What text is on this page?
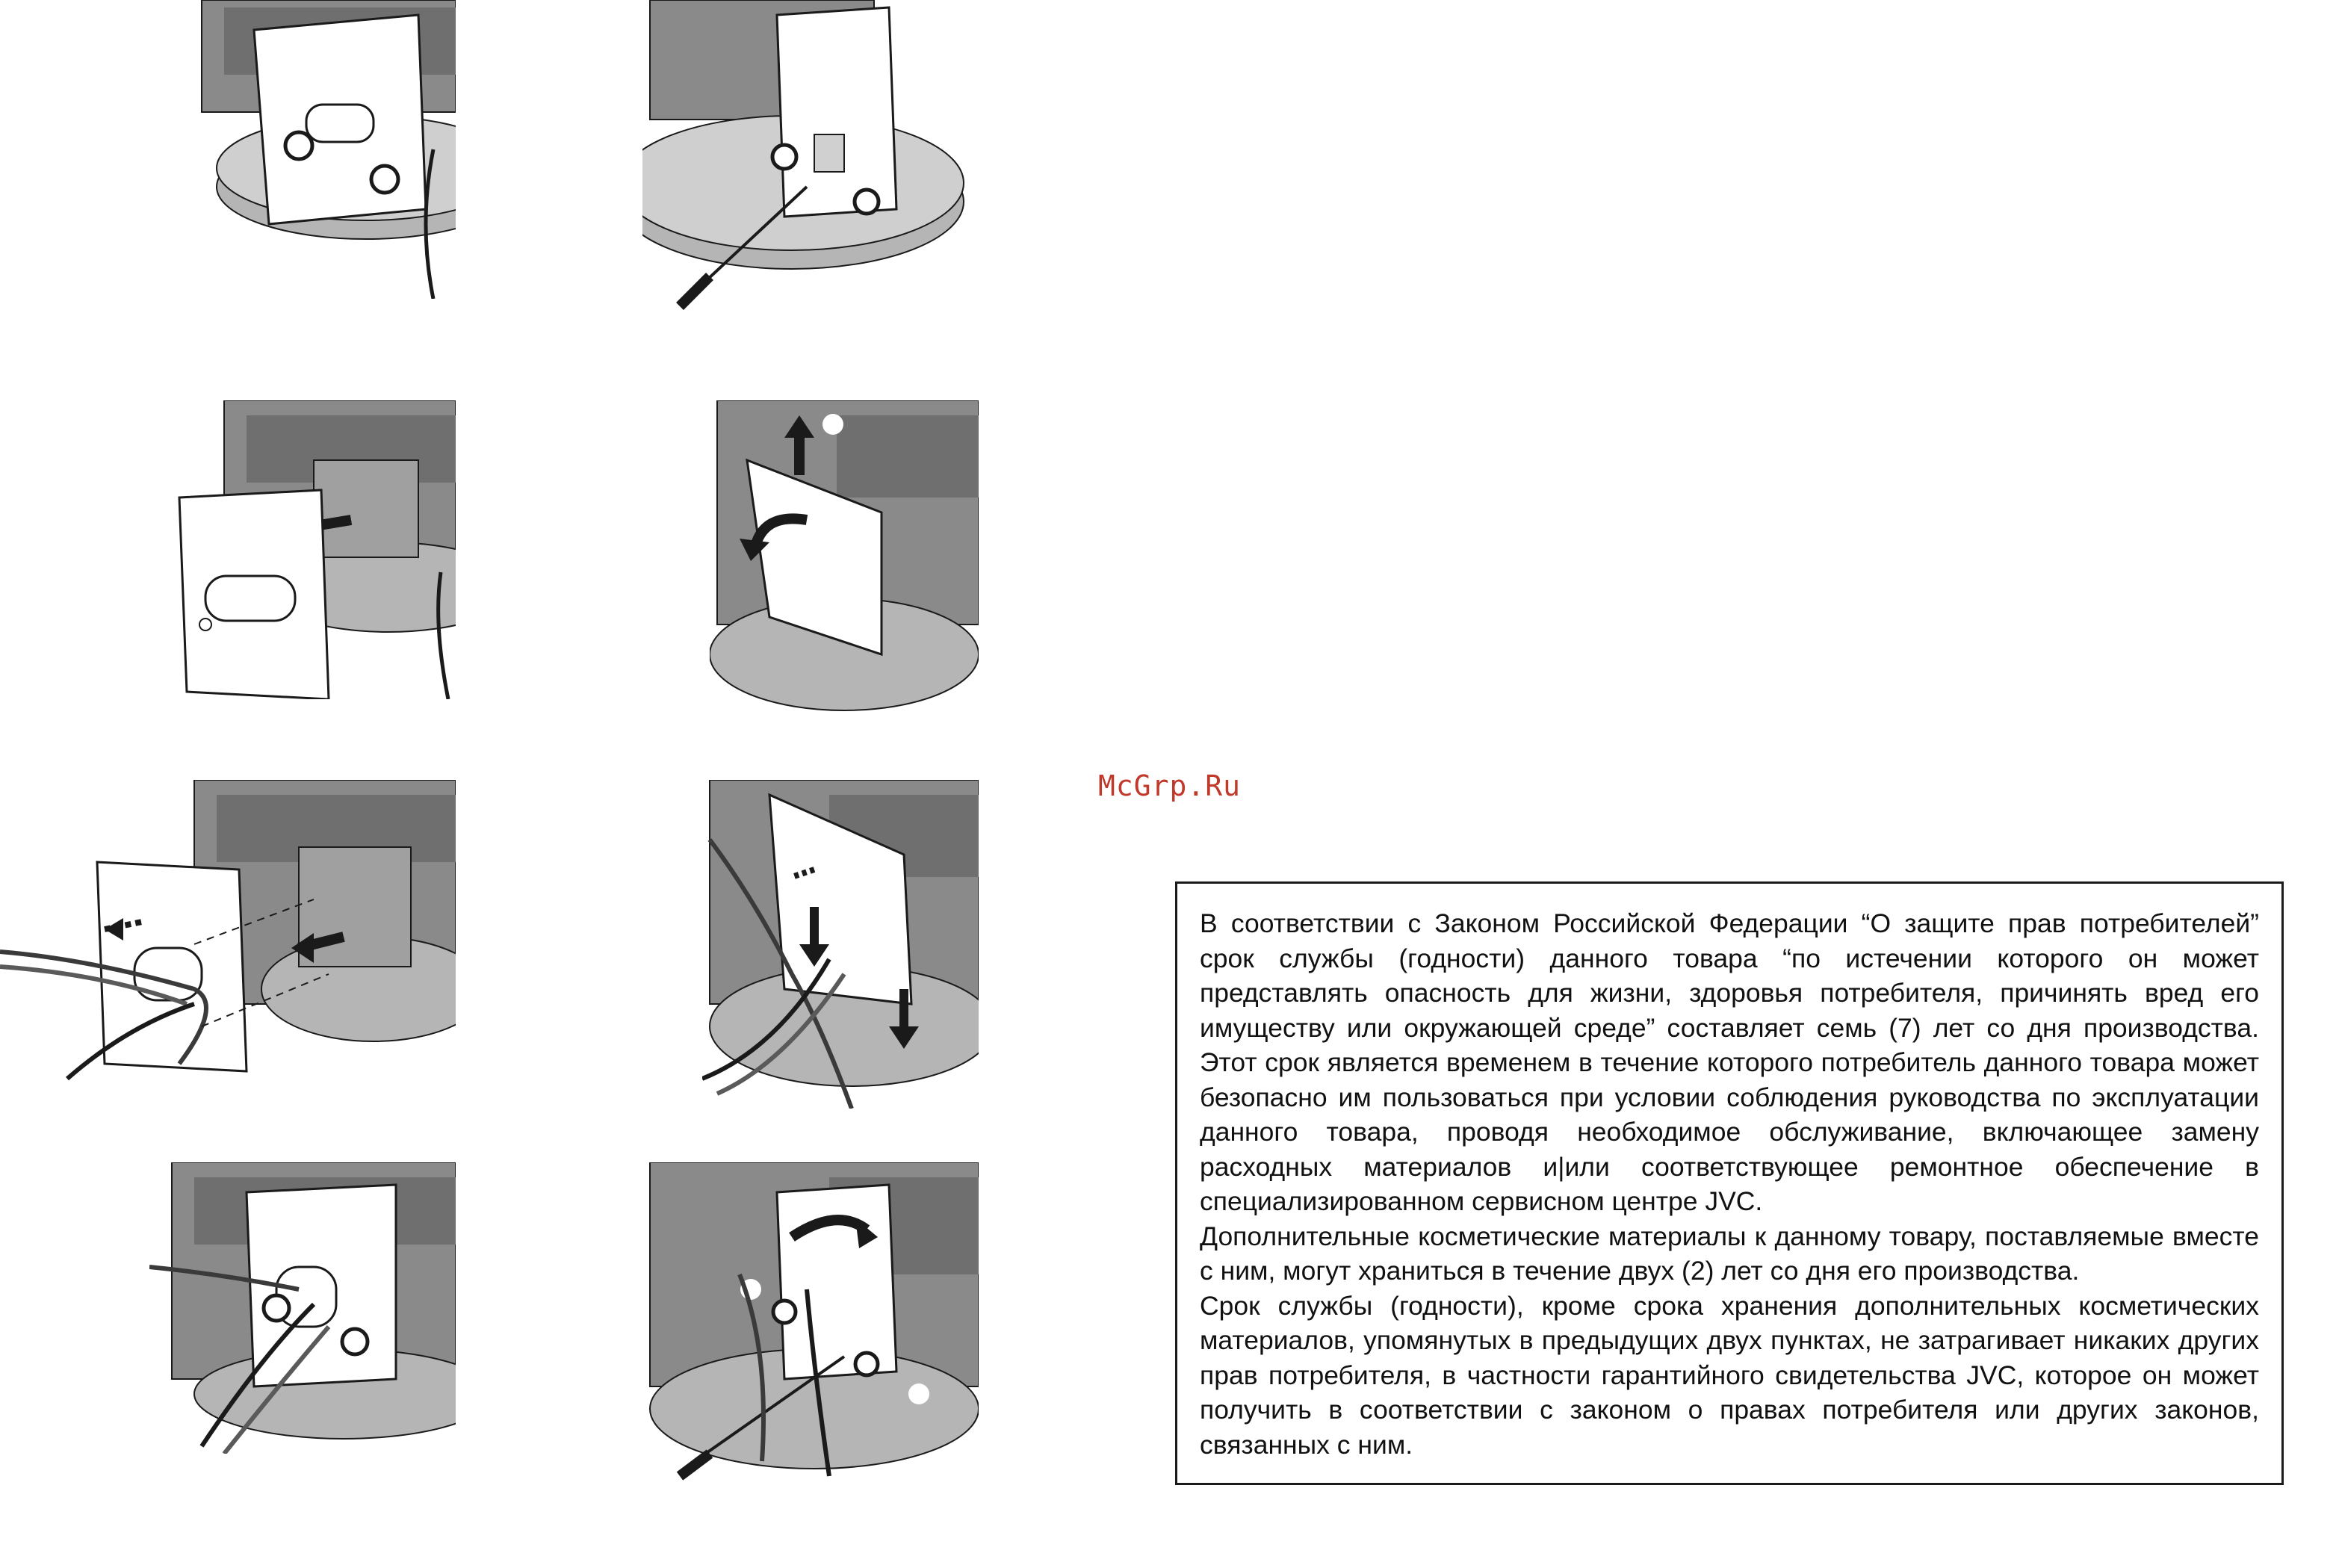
McGrp.Ru

В соответствии с Законом Российской Федерации “О защите прав потребителей” срок службы (годности) данного товара “по истечении которого он может представлять опасность для жизни, здоровья потребителя, причинять вред его имуществу или окружающей среде” составляет семь (7) лет со дня производства. Этот срок является временем в течение которого потребитель данного товара может безопасно им пользоваться при условии соблюдения руководства по эксплуатации данного товара, проводя необходимое обслуживание, включающее замену расходных материалов и|или соответствующее ремонтное обеспечение в специализированном сервисном центре JVC.

Дополнительные косметические материалы к данному товару, поставляемые вместе с ним, могут храниться в течение двух (2) лет со дня его производства.

Срок службы (годности), кроме срока хранения дополнительных косметических материалов, упомянутых в предыдущих двух пунктах, не затрагивает никаких других прав потребителя, в частности гарантийного свидетельства JVC, которое он может получить в соответствии с законом о правах потребителя или других законов, связанных с ним.
